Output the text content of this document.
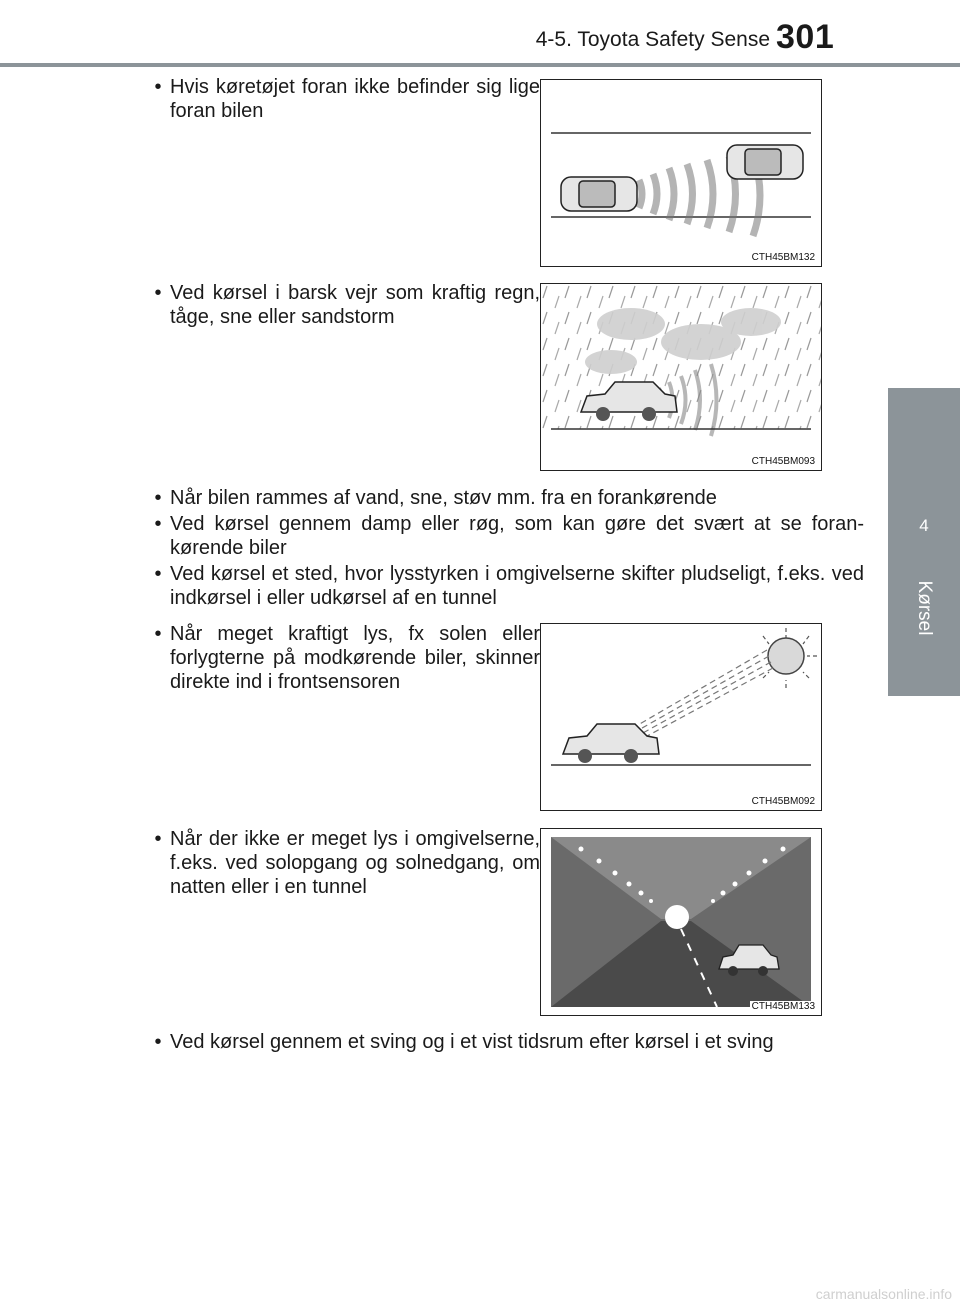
4-5. Toyota Safety Sense 301
4
Kørsel
• Hvis køretøjet foran ikke befinder sig lige foran bilen
CTH45BM132
• Ved kørsel i barsk vejr som kraftig regn, tåge, sne eller sandstorm
CTH45BM093
• Når bilen rammes af vand, sne, støv mm. fra en forankørende
• Ved kørsel gennem damp eller røg, som kan gøre det svært at se forankørende biler
• Ved kørsel et sted, hvor lysstyrken i omgivelserne skifter pludseligt, f.eks. ved indkørsel i eller udkørsel af en tunnel
• Når meget kraftigt lys, fx solen eller forlygterne på modkørende biler, skinner direkte ind i frontsensoren
CTH45BM092
• Når der ikke er meget lys i omgivelserne, f.eks. ved solopgang og solnedgang, om natten eller i en tunnel
CTH45BM133
• Ved kørsel gennem et sving og i et vist tidsrum efter kørsel i et sving
carmanualsonline.info
